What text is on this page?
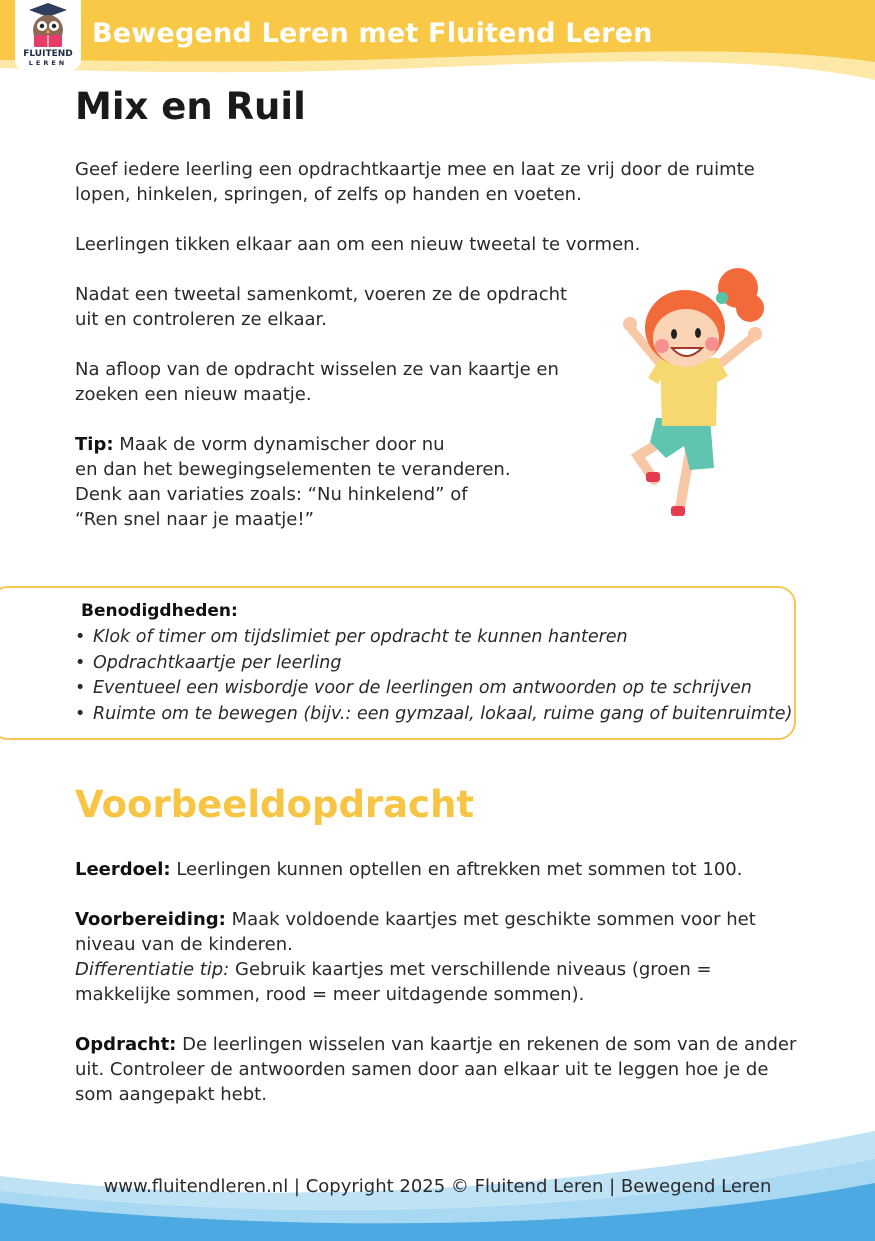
FLUITEND
LEREN
Bewegend Leren met Fluitend Leren
Mix en Ruil

Geef iedere leerling een opdrachtkaartje mee en laat ze vrij door de ruimte
lopen, hinkelen, springen, of zelfs op handen en voeten.

Leerlingen tikken elkaar aan om een nieuw tweetal te vormen.

Nadat een tweetal samenkomt, voeren ze de opdracht
uit en controleren ze elkaar.

Na afloop van de opdracht wisselen ze van kaartje en
zoeken een nieuw maatje.

Tip: Maak de vorm dynamischer door nu
en dan het bewegingselementen te veranderen.
Denk aan variaties zoals: “Nu hinkelend” of
“Ren snel naar je maatje!”

Benodigdheden:
• Klok of timer om tijdslimiet per opdracht te kunnen hanteren
• Opdrachtkaartje per leerling
• Eventueel een wisbordje voor de leerlingen om antwoorden op te schrijven
• Ruimte om te bewegen (bijv.: een gymzaal, lokaal, ruime gang of buitenruimte)
Voorbeeldopdracht

Leerdoel: Leerlingen kunnen optellen en aftrekken met sommen tot 100.

Voorbereiding: Maak voldoende kaartjes met geschikte sommen voor het
niveau van de kinderen.
Differentiatie tip: Gebruik kaartjes met verschillende niveaus (groen =
makkelijke sommen, rood = meer uitdagende sommen).

Opdracht: De leerlingen wisselen van kaartje en rekenen de som van de ander
uit. Controleer de antwoorden samen door aan elkaar uit te leggen hoe je de
som aangepakt hebt.

www.fluitendleren.nl | Copyright 2025 © Fluitend Leren | Bewegend Leren
